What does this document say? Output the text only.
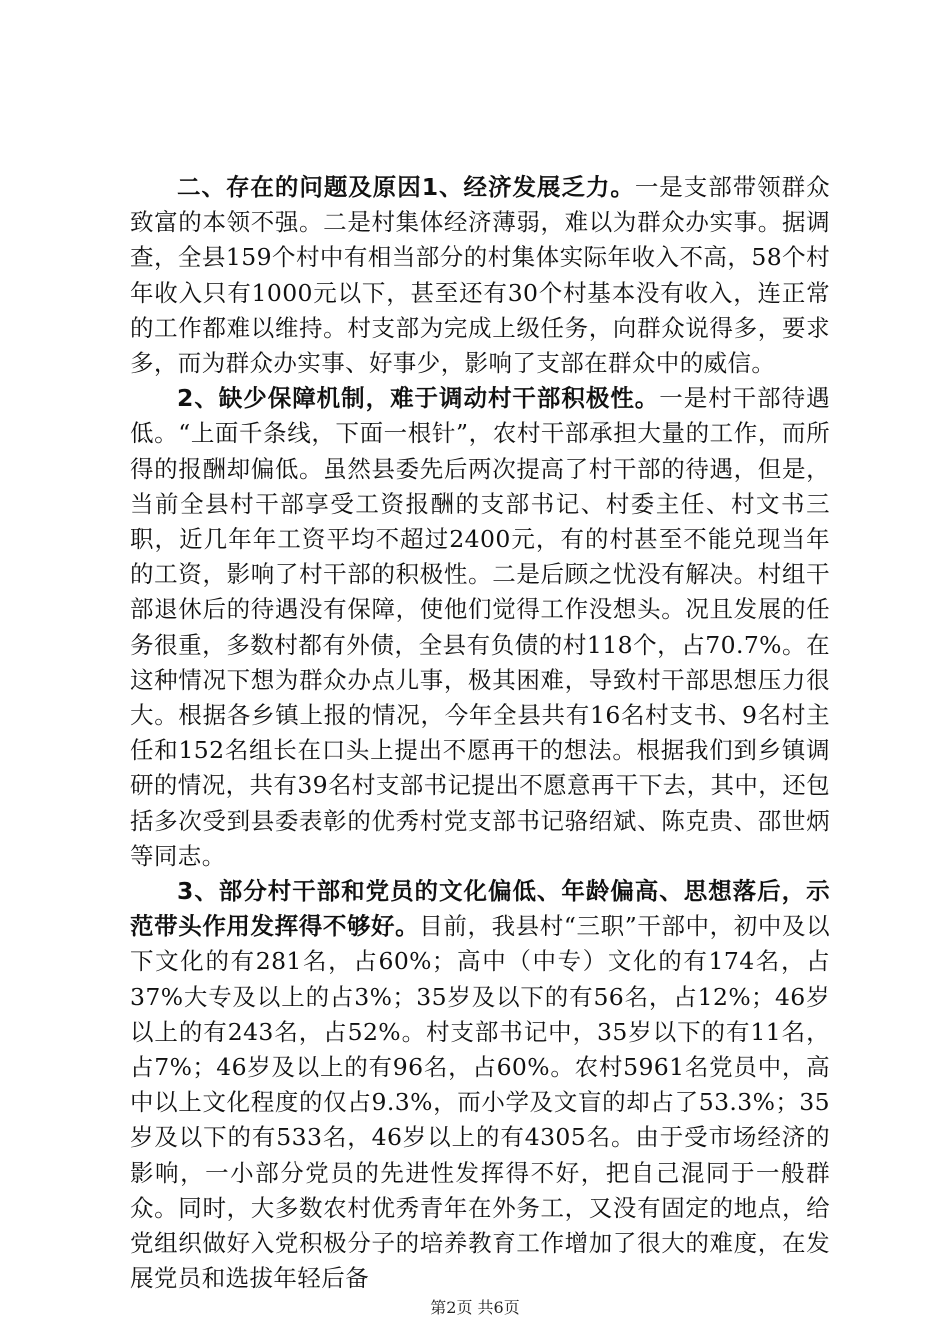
二、存在的问题及原因1、经济发展乏力。一是支部带领群众致富的本领不强。二是村集体经济薄弱，难以为群众办实事。据调查，全县159个村中有相当部分的村集体实际年收入不高，58个村年收入只有1000元以下，甚至还有30个村基本没有收入，连正常的工作都难以维持。村支部为完成上级任务，向群众说得多，要求多，而为群众办实事、好事少，影响了支部在群众中的威信。

2、缺少保障机制，难于调动村干部积极性。一是村干部待遇低。“上面千条线，下面一根针”，农村干部承担大量的工作，而所得的报酬却偏低。虽然县委先后两次提高了村干部的待遇，但是，当前全县村干部享受工资报酬的支部书记、村委主任、村文书三职，近几年年工资平均不超过2400元，有的村甚至不能兑现当年的工资，影响了村干部的积极性。二是后顾之忧没有解决。村组干部退休后的待遇没有保障，使他们觉得工作没想头。况且发展的任务很重，多数村都有外债，全县有负债的村118个，占70.7%。在这种情况下想为群众办点儿事，极其困难，导致村干部思想压力很大。根据各乡镇上报的情况，今年全县共有16名村支书、9名村主任和152名组长在口头上提出不愿再干的想法。根据我们到乡镇调研的情况，共有39名村支部书记提出不愿意再干下去，其中，还包括多次受到县委表彰的优秀村党支部书记骆绍斌、陈克贵、邵世炳等同志。

3、部分村干部和党员的文化偏低、年龄偏高、思想落后，示范带头作用发挥得不够好。目前，我县村“三职”干部中，初中及以下文化的有281名，占60%；高中（中专）文化的有174名，占37%大专及以上的占3%；35岁及以下的有56名，占12%；46岁以上的有243名，占52%。村支部书记中，35岁以下的有11名，占7%；46岁及以上的有96名，占60%。农村5961名党员中，高中以上文化程度的仅占9.3%，而小学及文盲的却占了53.3%；35岁及以下的有533名，46岁以上的有4305名。由于受市场经济的影响，一小部分党员的先进性发挥得不好，把自己混同于一般群众。同时，大多数农村优秀青年在外务工，又没有固定的地点，给党组织做好入党积极分子的培养教育工作增加了很大的难度，在发展党员和选拔年轻后备

第2页 共6页
